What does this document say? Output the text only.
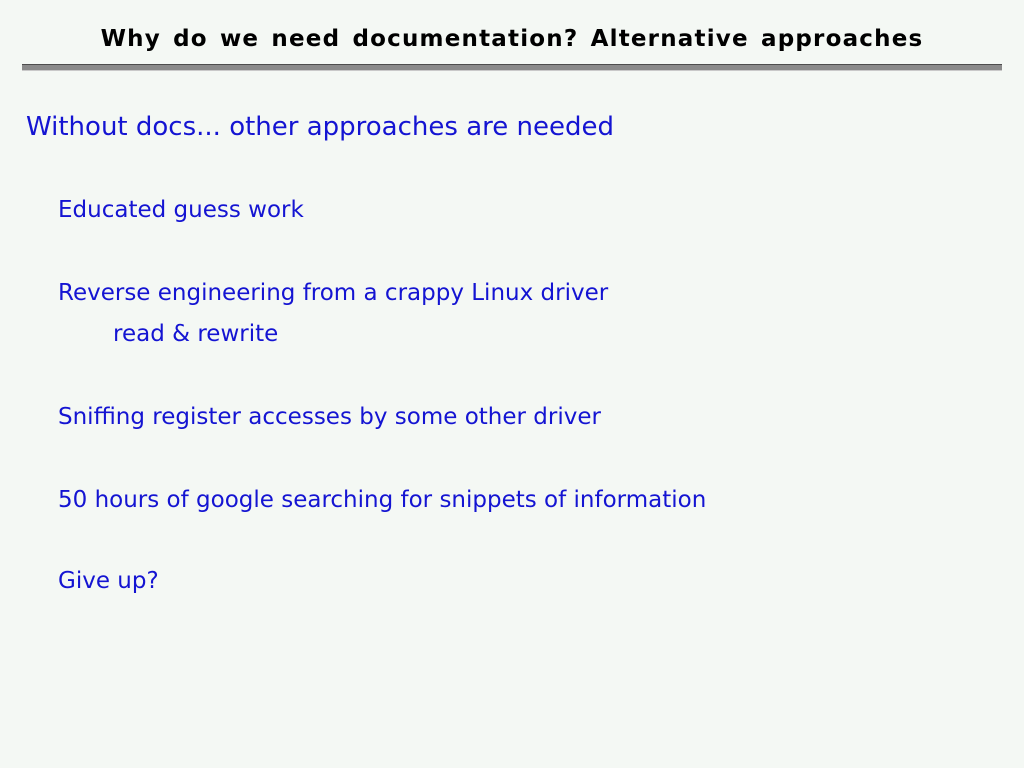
Why do we need documentation? Alternative approaches
Without docs... other approaches are needed
Educated guess work
Reverse engineering from a crappy Linux driver
read & rewrite
Sniffing register accesses by some other driver
50 hours of google searching for snippets of information
Give up?
